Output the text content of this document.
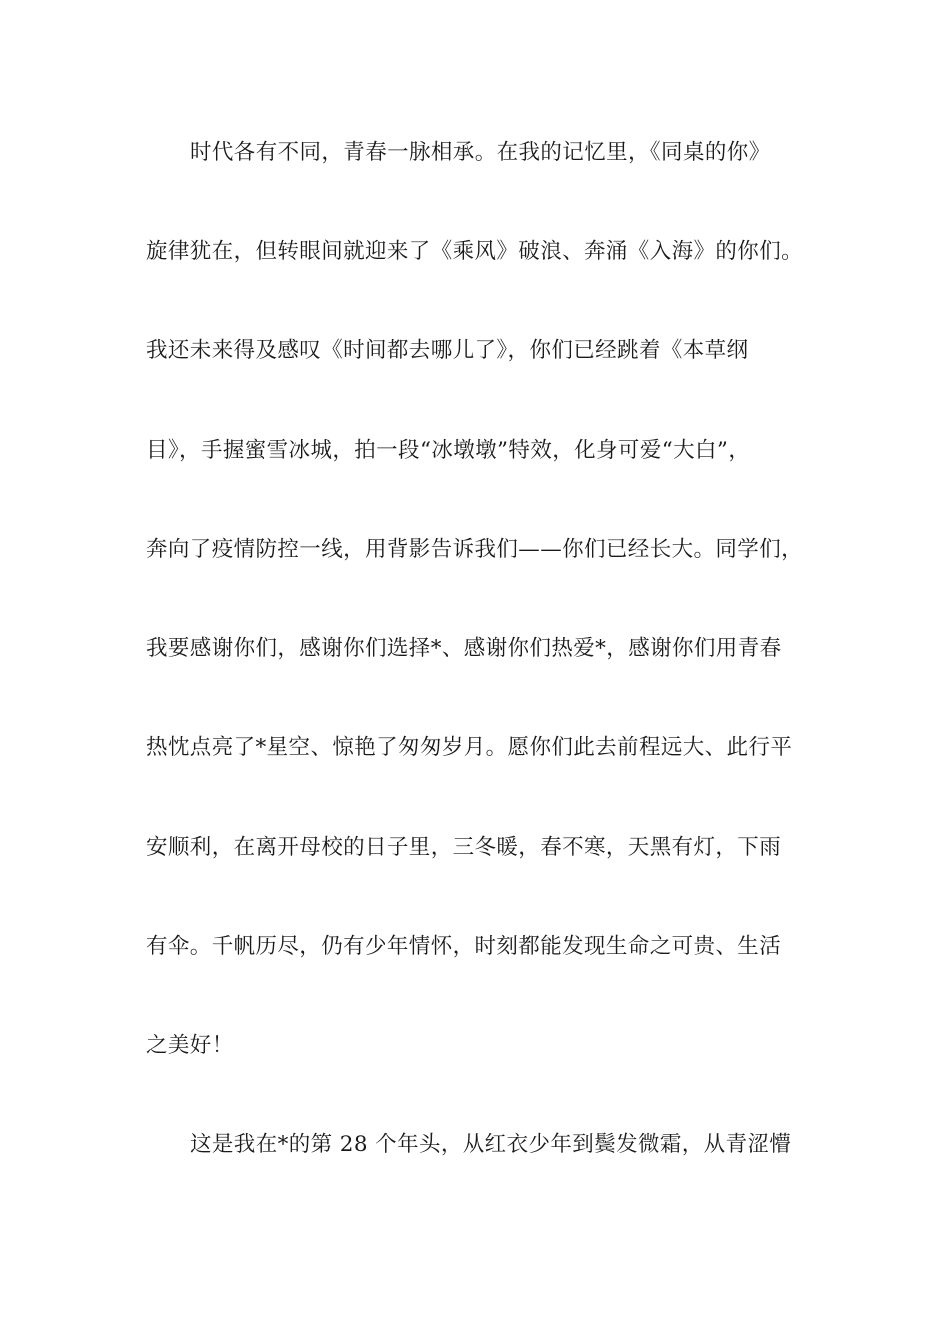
时代各有不同，青春一脉相承。在我的记忆里，《同桌的你》
旋律犹在，但转眼间就迎来了《乘风》破浪、奔涌《入海》的你们。
我还未来得及感叹《时间都去哪儿了》，你们已经跳着《本草纲
目》，手握蜜雪冰城，拍一段“冰墩墩”特效，化身可爱“大白”，
奔向了疫情防控一线，用背影告诉我们——你们已经长大。同学们，
我要感谢你们，感谢你们选择*、感谢你们热爱*，感谢你们用青春
热忱点亮了*星空、惊艳了匆匆岁月。愿你们此去前程远大、此行平
安顺利，在离开母校的日子里，三冬暖，春不寒，天黑有灯，下雨
有伞。千帆历尽，仍有少年情怀，时刻都能发现生命之可贵、生活
之美好！
这是我在*的第 28 个年头，从红衣少年到鬓发微霜，从青涩懵
